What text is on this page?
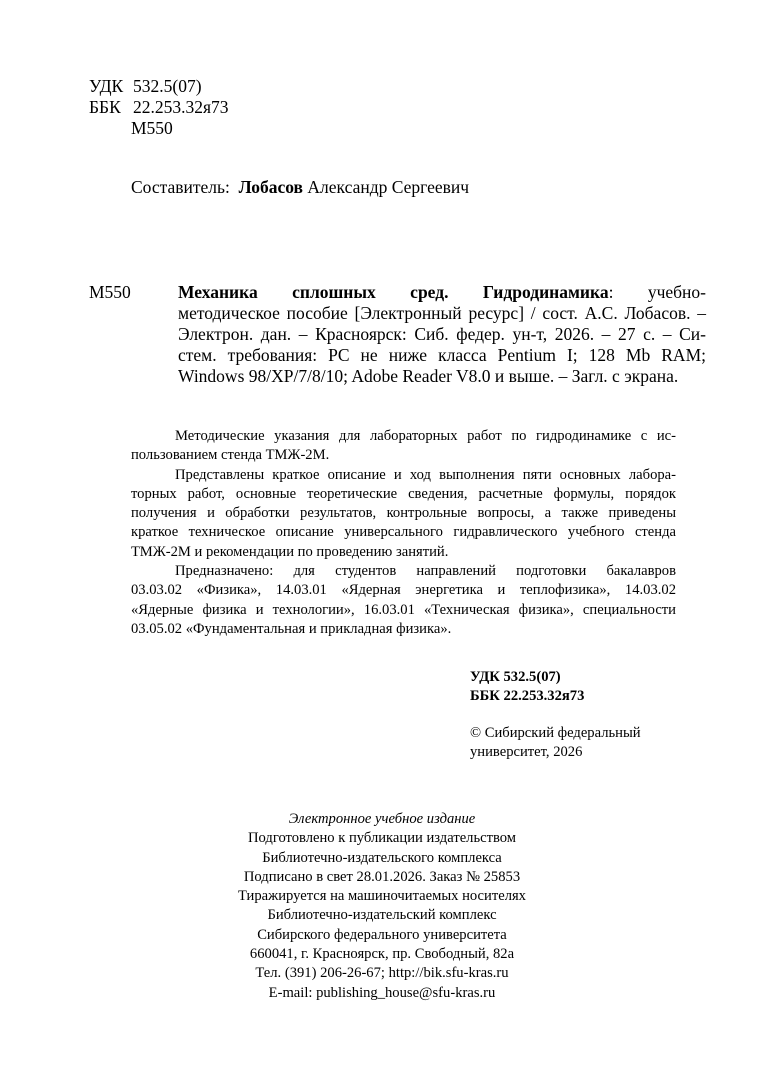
УДК 532.5(07)
ББК 22.253.32я73
М550
Составитель: Лобасов Александр Сергеевич
М550	Механика сплошных сред. Гидродинамика: учебно-
методическое пособие [Электронный ресурс] / сост. А.С. Лобасов. –
Электрон. дан. – Красноярск: Сиб. федер. ун-т, 2026. – 27 с. – Си-
стем. требования: PC не ниже класса Pentium I; 128 Mb RAM;
Windows 98/XP/7/8/10; Adobe Reader V8.0 и выше. – Загл. с экрана.
Методические указания для лабораторных работ по гидродинамике с ис-
пользованием стенда ТМЖ-2М.
Представлены краткое описание и ход выполнения пяти основных лабора-
торных работ, основные теоретические сведения, расчетные формулы, порядок
получения и обработки результатов, контрольные вопросы, а также приведены
краткое техническое описание универсального гидравлического учебного стенда
ТМЖ-2М и рекомендации по проведению занятий.
Предназначено: для студентов направлений подготовки бакалавров
03.03.02 «Физика», 14.03.01 «Ядерная энергетика и теплофизика», 14.03.02
«Ядерные физика и технологии», 16.03.01 «Техническая физика», специальности
03.05.02 «Фундаментальная и прикладная физика».
УДК 532.5(07)
ББК 22.253.32я73
© Сибирский федеральный
университет, 2026
Электронное учебное издание
Подготовлено к публикации издательством
Библиотечно-издательского комплекса
Подписано в свет 28.01.2026. Заказ № 25853
Тиражируется на машиночитаемых носителях
Библиотечно-издательский комплекс
Сибирского федерального университета
660041, г. Красноярск, пр. Свободный, 82а
Тел. (391) 206-26-67; http://bik.sfu-kras.ru
E-mail: publishing_house@sfu-kras.ru
